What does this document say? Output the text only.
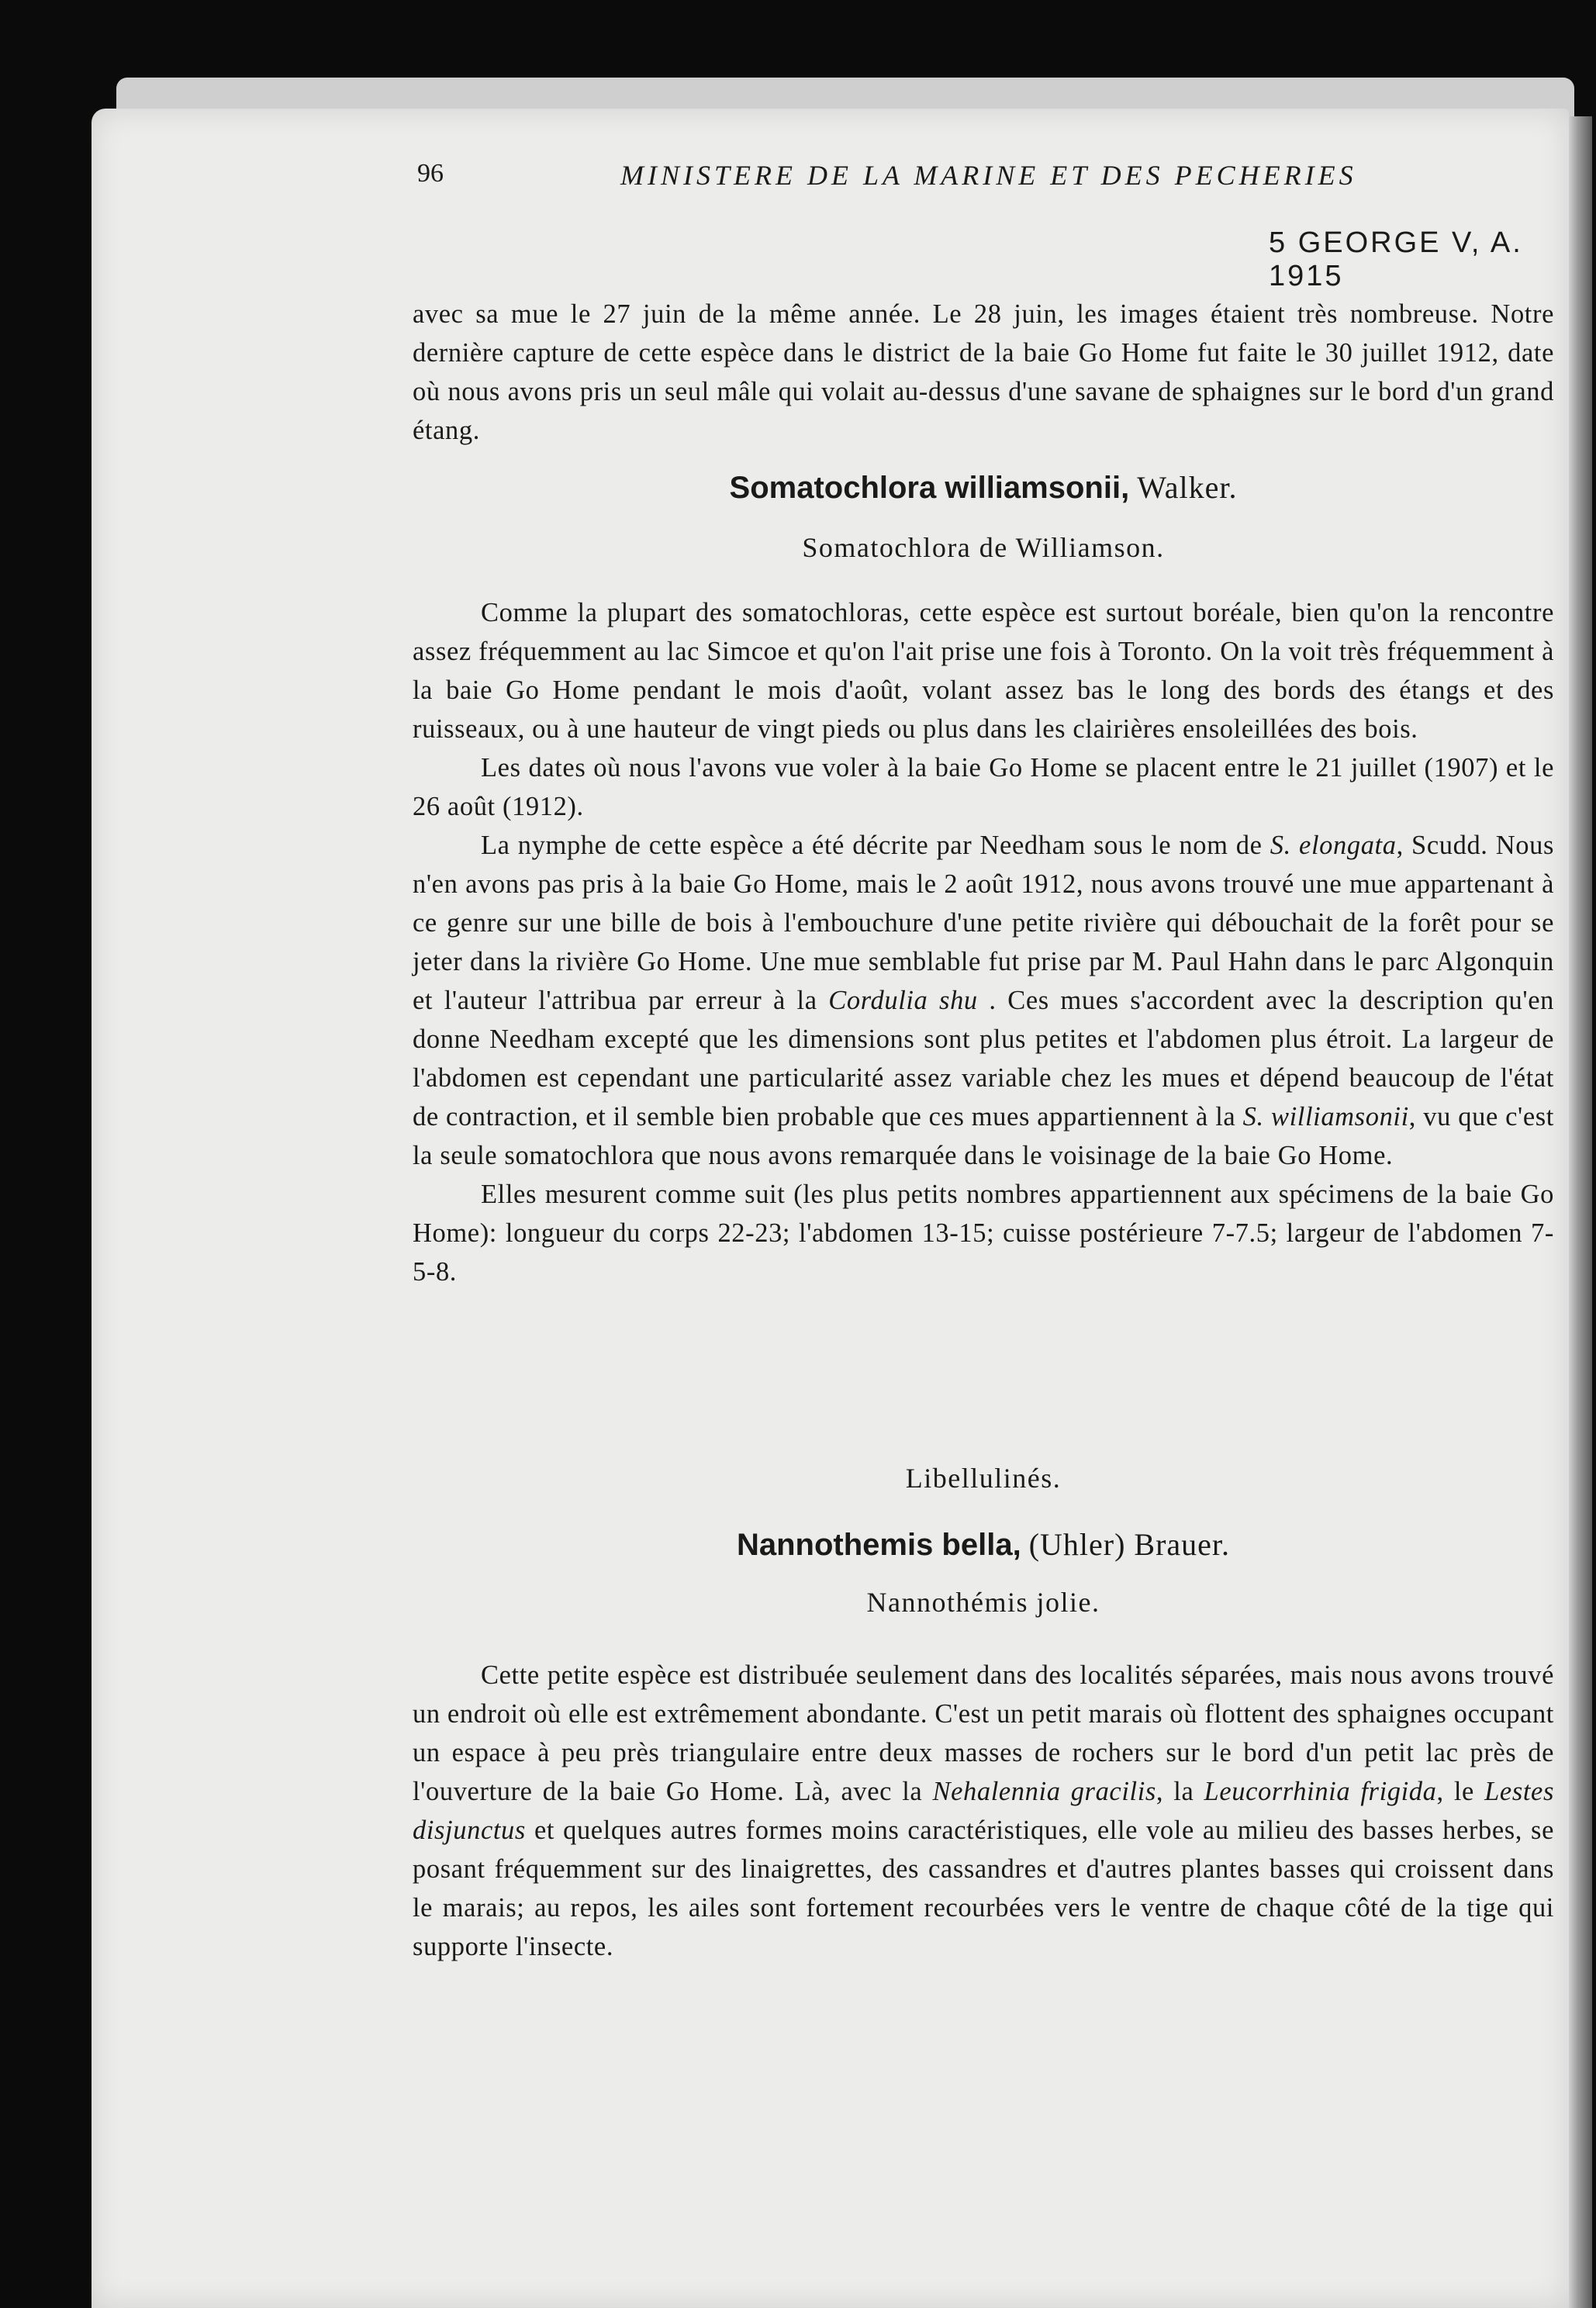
96	MINISTERE DE LA MARINE ET DES PECHERIES
5 GEORGE V, A. 1915

avec sa mue le 27 juin de la même année. Le 28 juin, les images étaient très nombreuse. Notre dernière capture de cette espèce dans le district de la baie Go Home fut faite le 30 juillet 1912, date où nous avons pris un seul mâle qui volait au-dessus d'une savane de sphaignes sur le bord d'un grand étang.

Somatochlora williamsonii, Walker.
Somatochlora de Williamson.

Comme la plupart des somatochloras, cette espèce est surtout boréale, bien qu'on la rencontre assez fréquemment au lac Simcoe et qu'on l'ait prise une fois à Toronto. On la voit très fréquemment à la baie Go Home pendant le mois d'août, volant assez bas le long des bords des étangs et des ruisseaux, ou à une hauteur de vingt pieds ou plus dans les clairières ensoleillées des bois.

Les dates où nous l'avons vue voler à la baie Go Home se placent entre le 21 juillet (1907) et le 26 août (1912).

La nymphe de cette espèce a été décrite par Needham sous le nom de S. elongata, Scudd. Nous n'en avons pas pris à la baie Go Home, mais le 2 août 1912, nous avons trouvé une mue appartenant à ce genre sur une bille de bois à l'embouchure d'une petite rivière qui débouchait de la forêt pour se jeter dans la rivière Go Home. Une mue semblable fut prise par M. Paul Hahn dans le parc Algonquin et l'auteur l'attribua par erreur à la Cordulia shu . Ces mues s'accordent avec la description qu'en donne Needham excepté que les dimensions sont plus petites et l'abdomen plus étroit. La largeur de l'abdomen est cependant une particularité assez variable chez les mues et dépend beaucoup de l'état de contraction, et il semble bien probable que ces mues appartiennent à la S. williamsonii, vu que c'est la seule somatochlora que nous avons remarquée dans le voisinage de la baie Go Home.

Elles mesurent comme suit (les plus petits nombres appartiennent aux spécimens de la baie Go Home): longueur du corps 22-23; l'abdomen 13-15; cuisse postérieure 7-7.5; largeur de l'abdomen 7-5-8.

Libellulinés.
Nannothemis bella, (Uhler) Brauer.
Nannothémis jolie.

Cette petite espèce est distribuée seulement dans des localités séparées, mais nous avons trouvé un endroit où elle est extrêmement abondante. C'est un petit marais où flottent des sphaignes occupant un espace à peu près triangulaire entre deux masses de rochers sur le bord d'un petit lac près de l'ouverture de la baie Go Home. Là, avec la Nehalennia gracilis, la Leucorrhinia frigida, le Lestes disjunctus et quelques autres formes moins caractéristiques, elle vole au milieu des basses herbes, se posant fréquemment sur des linaigrettes, des cassandres et d'autres plantes basses qui croissent dans le marais; au repos, les ailes sont fortement recourbées vers le ventre de chaque côté de la tige qui supporte l'insecte.
